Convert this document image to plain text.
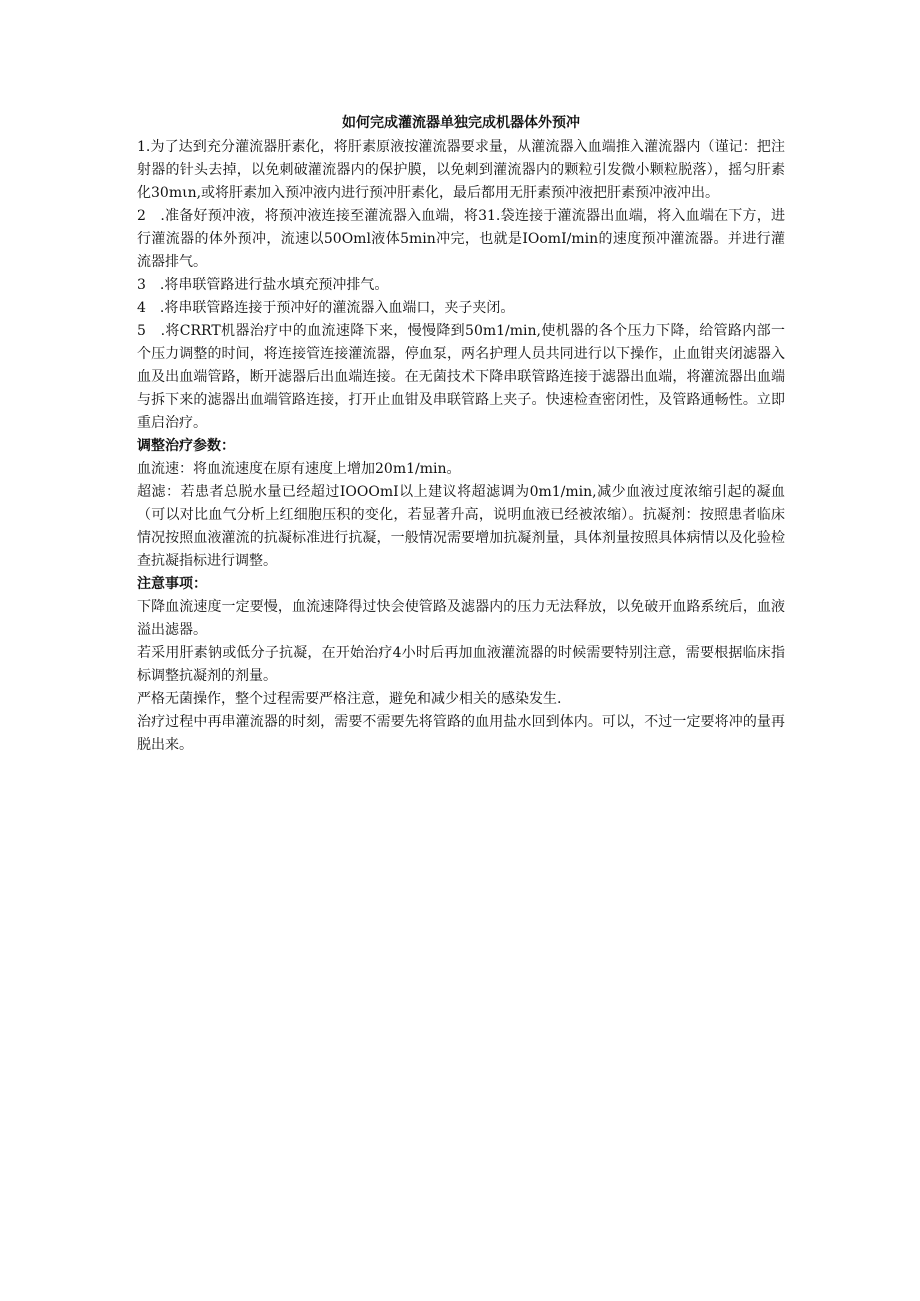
如何完成灌流器单独完成机器体外预冲

1.为了达到充分灌流器肝素化，将肝素原液按灌流器要求量，从灌流器入血端推入灌流器内（谨记：把注射器的针头去掉，以免刺破灌流器内的保护膜，以免刺到灌流器内的颗粒引发微小颗粒脱落），摇匀肝素化30mιn,或将肝素加入预冲液内进行预冲肝素化，最后都用无肝素预冲液把肝素预冲液冲出。

2　.准备好预冲液，将预冲液连接至灌流器入血端，将31.袋连接于灌流器出血端，将入血端在下方，进行灌流器的体外预冲，流速以50Oml液体5min冲完，也就是IOomI∕min的速度预冲灌流器。并进行灌流器排气。

3　.将串联管路进行盐水填充预冲排气。

4　.将串联管路连接于预冲好的灌流器入血端口，夹子夹闭。

5　.将CRRT机器治疗中的血流速降下来，慢慢降到50m1∕min,使机器的各个压力下降，给管路内部一个压力调整的时间，将连接管连接灌流器，停血泵，两名护理人员共同进行以下操作，止血钳夹闭滤器入血及出血端管路，断开滤器后出血端连接。在无菌技术下降串联管路连接于滤器出血端，将灌流器出血端与拆下来的滤器出血端管路连接，打开止血钳及串联管路上夹子。快速检查密闭性，及管路通畅性。立即重启治疗。

调整治疗参数：

血流速：将血流速度在原有速度上增加20m1∕min。

超滤：若患者总脱水量已经超过IOOOmI以上建议将超滤调为0m1∕min,减少血液过度浓缩引起的凝血（可以对比血气分析上红细胞压积的变化，若显著升高，说明血液已经被浓缩）。抗凝剂：按照患者临床情况按照血液灌流的抗凝标准进行抗凝，一般情况需要增加抗凝剂量，具体剂量按照具体病情以及化验检查抗凝指标进行调整。

注意事项：

下降血流速度一定要慢，血流速降得过快会使管路及滤器内的压力无法释放，以免破开血路系统后，血液溢出滤器。

若采用肝素钠或低分子抗凝，在开始治疗4小时后再加血液灌流器的时候需要特别注意，需要根据临床指标调整抗凝剂的剂量。

严格无菌操作，整个过程需要严格注意，避免和减少相关的感染发生.

治疗过程中再串灌流器的时刻，需要不需要先将管路的血用盐水回到体内。可以，不过一定要将冲的量再脱出来。
